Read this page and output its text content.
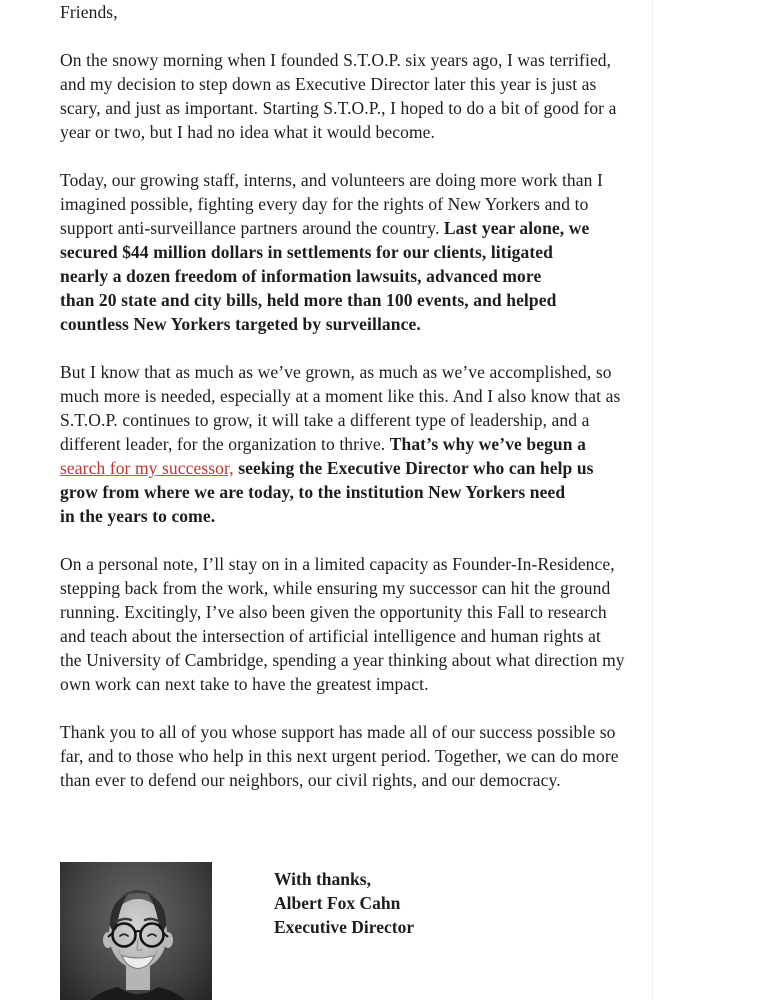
Friends,

On the snowy morning when I founded S.T.O.P. six years ago, I was terrified,
and my decision to step down as Executive Director later this year is just as
scary, and just as important. Starting S.T.O.P., I hoped to do a bit of good for a
year or two, but I had no idea what it would become.

Today, our growing staff, interns, and volunteers are doing more work than I
imagined possible, fighting every day for the rights of New Yorkers and to
support anti-surveillance partners around the country. Last year alone, we
secured $44 million dollars in settlements for our clients, litigated
nearly a dozen freedom of information lawsuits, advanced more
than 20 state and city bills, held more than 100 events, and helped
countless New Yorkers targeted by surveillance.

But I know that as much as we’ve grown, as much as we’ve accomplished, so
much more is needed, especially at a moment like this. And I also know that as
S.T.O.P. continues to grow, it will take a different type of leadership, and a
different leader, for the organization to thrive. That’s why we’ve begun a
search for my successor, seeking the Executive Director who can help us
grow from where we are today, to the institution New Yorkers need
in the years to come.

On a personal note, I’ll stay on in a limited capacity as Founder-In-Residence,
stepping back from the work, while ensuring my successor can hit the ground
running. Excitingly, I’ve also been given the opportunity this Fall to research
and teach about the intersection of artificial intelligence and human rights at
the University of Cambridge, spending a year thinking about what direction my
own work can next take to have the greatest impact.

Thank you to all of you whose support has made all of our success possible so
far, and to those who help in this next urgent period. Together, we can do more
than ever to defend our neighbors, our civil rights, and our democracy.

With thanks,
Albert Fox Cahn
Executive Director
